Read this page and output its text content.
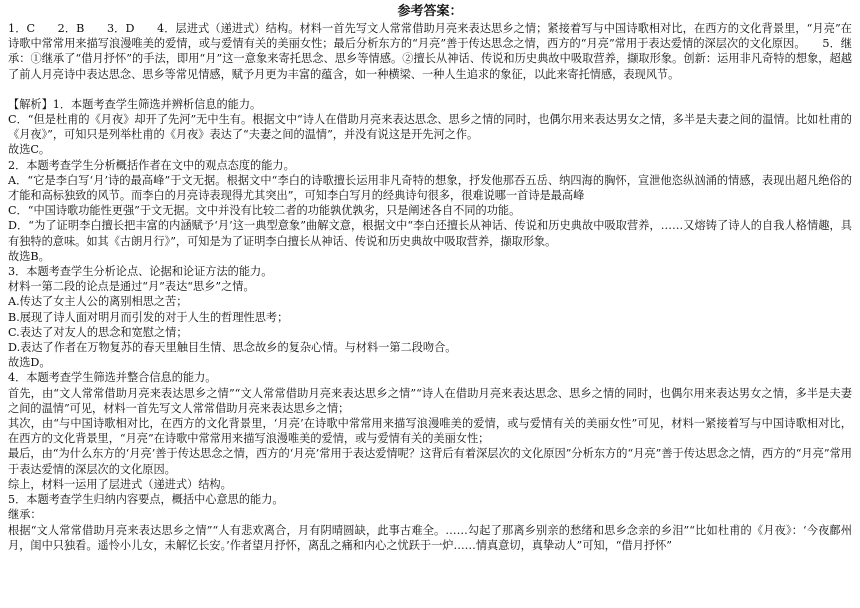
参考答案：

1．C　　2．B　　3．D　　4．层进式（递进式）结构。材料一首先写文人常常借助月亮来表达思乡之情；紧接着写与中国诗歌相对比，在西方的文化背景里，“月亮”在诗歌中常常用来描写浪漫唯美的爱情，或与爱情有关的美丽女性；最后分析东方的“月亮”善于传达思念之情，西方的“月亮”常用于表达爱情的深层次的文化原因。　　5．继承：①继承了“借月抒怀”的手法，即用“月”这一意象来寄托思念、思乡等情感。②擅长从神话、传说和历史典故中吸取营养，撷取形象。创新：运用非凡奇特的想象，超越了前人月亮诗中表达思念、思乡等常见情感，赋予月更为丰富的蕴含，如一种横梁、一种人生追求的象征，以此来寄托情感，表现风节。

【解析】1．本题考查学生筛选并辨析信息的能力。

C．“但是杜甫的《月夜》却开了先河”无中生有。根据文中“诗人在借助月亮来表达思念、思乡之情的同时，也偶尔用来表达男女之情，多半是夫妻之间的温情。比如杜甫的《月夜》”，可知只是列举杜甫的《月夜》表达了“夫妻之间的温情”，并没有说这是开先河之作。

故选C。

2．本题考查学生分析概括作者在文中的观点态度的能力。

A．“它是李白写‘月’诗的最高峰”于文无据。根据文中“李白的诗歌擅长运用非凡奇特的想象，抒发他那吞五岳、纳四海的胸怀，宣泄他恣纵汹涌的情感，表现出超凡绝俗的才能和高标独致的风节。而李白的月亮诗表现得尤其突出”，可知李白写月的经典诗句很多，很难说哪一首诗是最高峰

C．“中国诗歌功能性更强”于文无据。文中并没有比较二者的功能孰优孰劣，只是阐述各自不同的功能。

D．“为了证明李白擅长把丰富的内涵赋予‘月’这一典型意象”曲解文意，根据文中“李白还擅长从神话、传说和历史典故中吸取营养，……又熔铸了诗人的自我人格情趣，具有独特的意味。如其《古朗月行》”，可知是为了证明李白擅长从神话、传说和历史典故中吸取营养，撷取形象。

故选B。

3．本题考查学生分析论点、论据和论证方法的能力。

材料一第二段的论点是通过“月”表达“思乡”之情。

A.传达了女主人公的离别相思之苦；

B.展现了诗人面对明月而引发的对于人生的哲理性思考；

C.表达了对友人的思念和宽慰之情；

D.表达了作者在万物复苏的春天里触目生情、思念故乡的复杂心情。与材料一第二段吻合。

故选D。

4．本题考查学生筛选并整合信息的能力。

首先，由“文人常常借助月亮来表达思乡之情”“文人常常借助月亮来表达思乡之情”“诗人在借助月亮来表达思念、思乡之情的同时，也偶尔用来表达男女之情，多半是夫妻之间的温情”可见，材料一首先写文人常常借助月亮来表达思乡之情；

其次，由“与中国诗歌相对比，在西方的文化背景里，‘月亮’在诗歌中常常用来描写浪漫唯美的爱情，或与爱情有关的美丽女性”可见，材料一紧接着写与中国诗歌相对比，在西方的文化背景里，“月亮”在诗歌中常常用来描写浪漫唯美的爱情，或与爱情有关的美丽女性；

最后，由“为什么东方的‘月亮’善于传达思念之情，西方的‘月亮’常用于表达爱情呢？这背后有着深层次的文化原因”分析东方的“月亮”善于传达思念之情，西方的“月亮”常用于表达爱情的深层次的文化原因。

综上，材料一运用了层进式（递进式）结构。

5．本题考查学生归纳内容要点，概括中心意思的能力。

继承：

根据“文人常常借助月亮来表达思乡之情”“人有悲欢离合，月有阴晴圆缺，此事古难全。……勾起了那离乡别亲的愁绪和思乡念亲的乡泪”“比如杜甫的《月夜》：‘今夜鄜州月，闺中只独看。遥怜小儿女，未解忆长安。’作者望月抒怀，离乱之痛和内心之忧跃于一炉……情真意切，真挚动人”可知，“借月抒怀”
